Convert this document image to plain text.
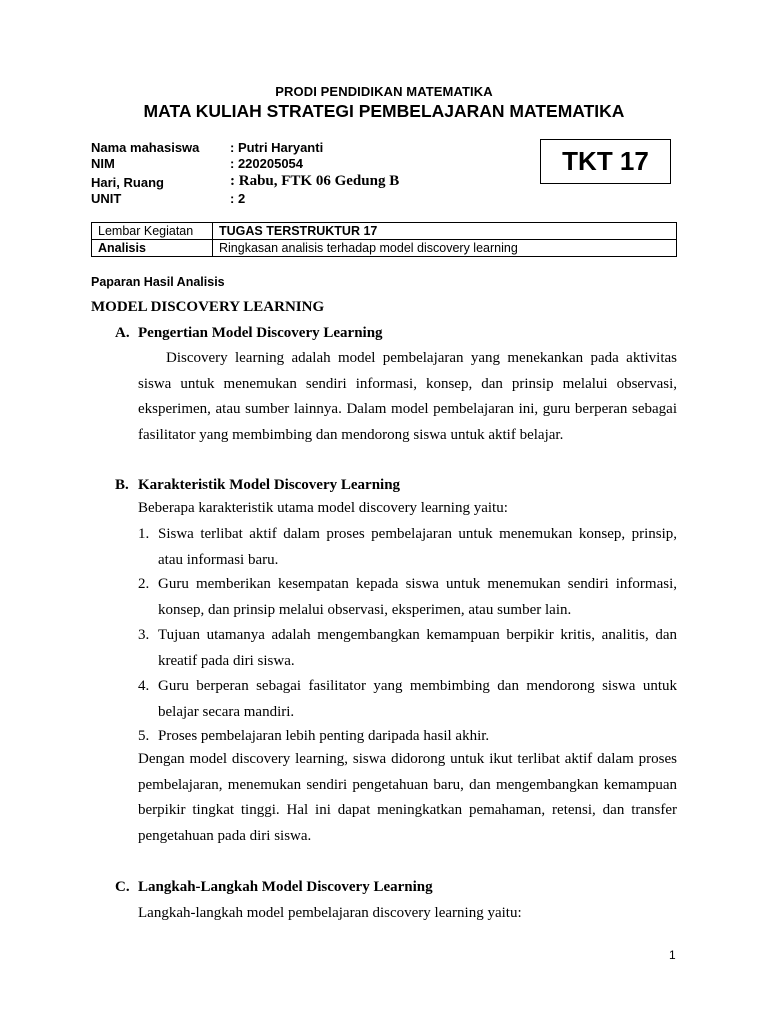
PRODI PENDIDIKAN MATEMATIKA
MATA KULIAH STRATEGI PEMBELAJARAN MATEMATIKA
Nama mahasiswa : Putri Haryanti
NIM	: 220205054
Hari, Ruang	: Rabu, FTK 06 Gedung B
UNIT	: 2
TKT 17
Lembar Kegiatan	TUGAS TERSTRUKTUR 17
Analisis	Ringkasan analisis terhadap model discovery learning
Paparan Hasil Analisis
MODEL DISCOVERY LEARNING
A. Pengertian Model Discovery Learning
Discovery learning adalah model pembelajaran yang menekankan pada aktivitas siswa untuk menemukan sendiri informasi, konsep, dan prinsip melalui observasi, eksperimen, atau sumber lainnya. Dalam model pembelajaran ini, guru berperan sebagai fasilitator yang membimbing dan mendorong siswa untuk aktif belajar.
B. Karakteristik Model Discovery Learning
Beberapa karakteristik utama model discovery learning yaitu:
1. Siswa terlibat aktif dalam proses pembelajaran untuk menemukan konsep, prinsip, atau informasi baru.
2. Guru memberikan kesempatan kepada siswa untuk menemukan sendiri informasi, konsep, dan prinsip melalui observasi, eksperimen, atau sumber lain.
3. Tujuan utamanya adalah mengembangkan kemampuan berpikir kritis, analitis, dan kreatif pada diri siswa.
4. Guru berperan sebagai fasilitator yang membimbing dan mendorong siswa untuk belajar secara mandiri.
5. Proses pembelajaran lebih penting daripada hasil akhir.
Dengan model discovery learning, siswa didorong untuk ikut terlibat aktif dalam proses pembelajaran, menemukan sendiri pengetahuan baru, dan mengembangkan kemampuan berpikir tingkat tinggi. Hal ini dapat meningkatkan pemahaman, retensi, dan transfer pengetahuan pada diri siswa.
C. Langkah-Langkah Model Discovery Learning
Langkah-langkah model pembelajaran discovery learning yaitu:
1
